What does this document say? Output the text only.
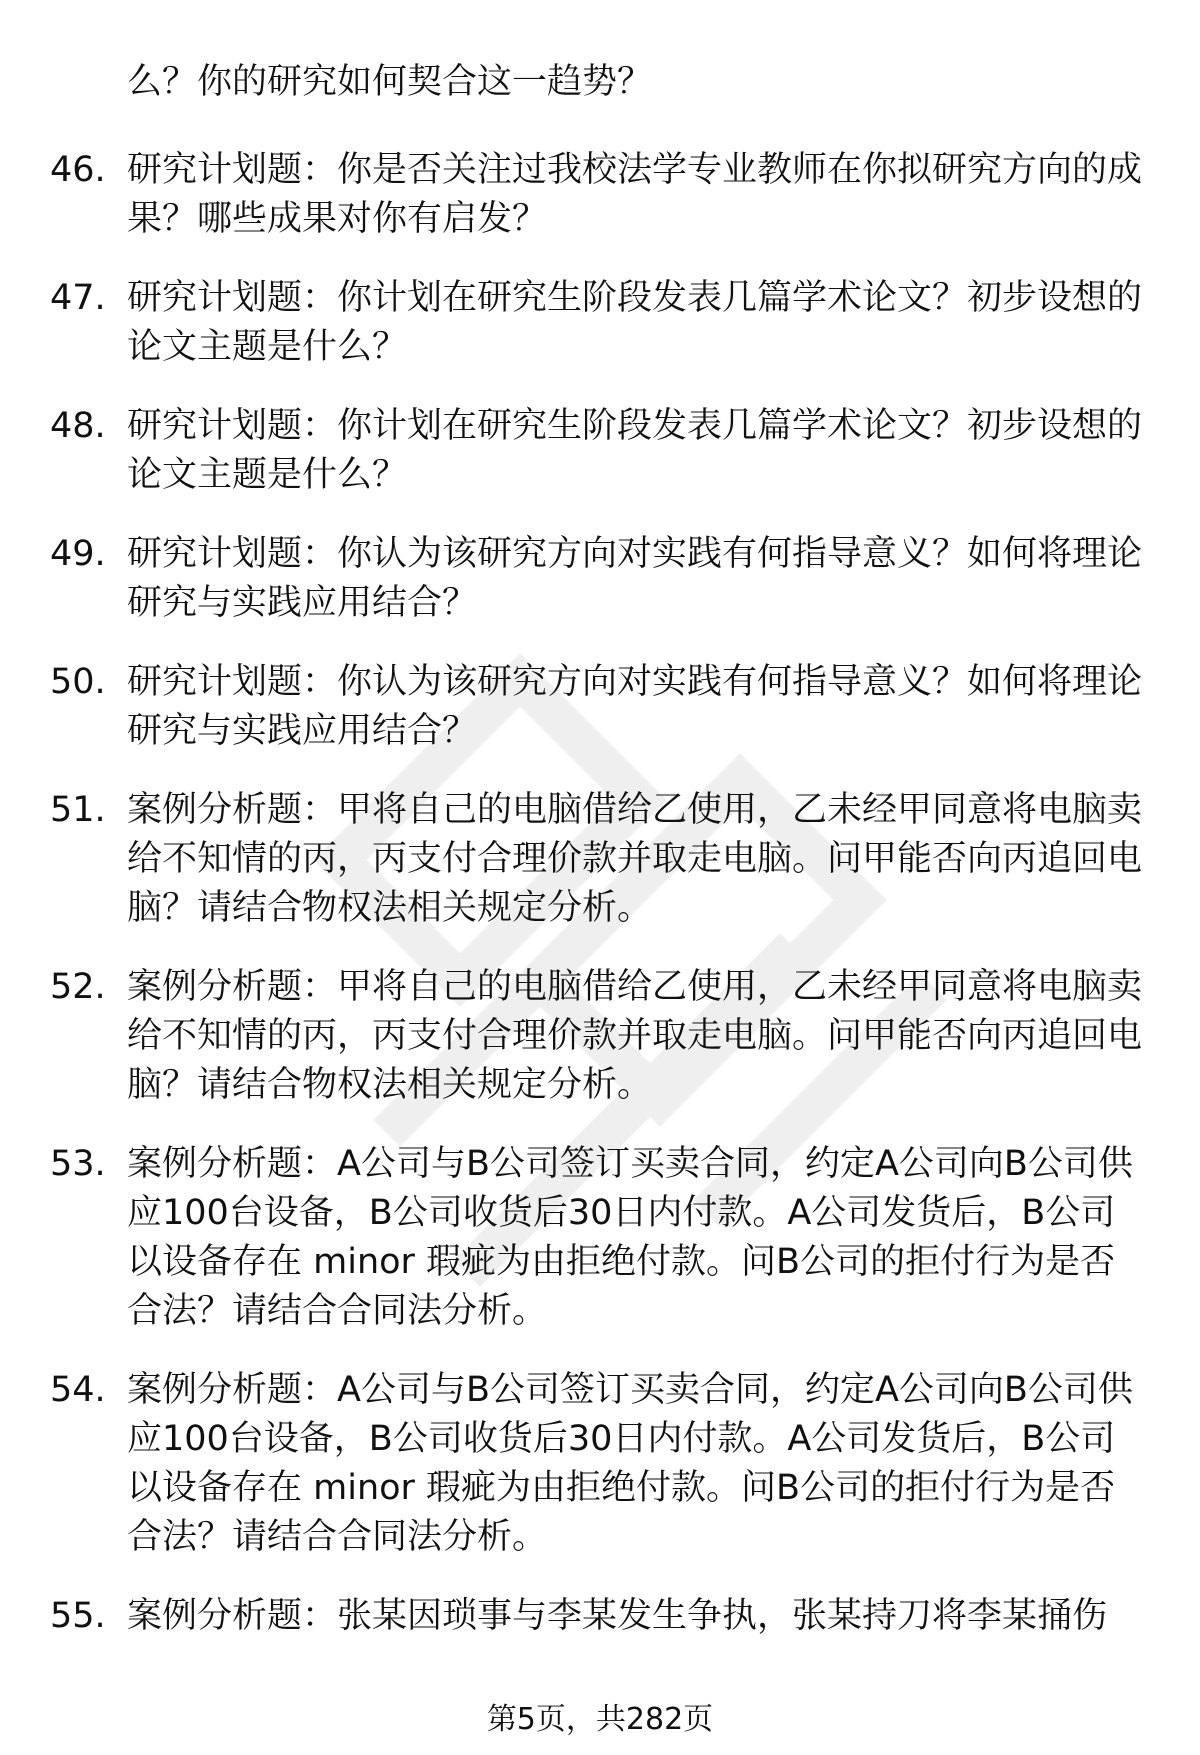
么？你的研究如何契合这一趋势？
46. 研究计划题：你是否关注过我校法学专业教师在你拟研究方向的成果？哪些成果对你有启发？
47. 研究计划题：你计划在研究生阶段发表几篇学术论文？初步设想的论文主题是什么？
48. 研究计划题：你计划在研究生阶段发表几篇学术论文？初步设想的论文主题是什么？
49. 研究计划题：你认为该研究方向对实践有何指导意义？如何将理论研究与实践应用结合？
50. 研究计划题：你认为该研究方向对实践有何指导意义？如何将理论研究与实践应用结合？
51. 案例分析题：甲将自己的电脑借给乙使用，乙未经甲同意将电脑卖给不知情的丙，丙支付合理价款并取走电脑。问甲能否向丙追回电脑？请结合物权法相关规定分析。
52. 案例分析题：甲将自己的电脑借给乙使用，乙未经甲同意将电脑卖给不知情的丙，丙支付合理价款并取走电脑。问甲能否向丙追回电脑？请结合物权法相关规定分析。
53. 案例分析题：A公司与B公司签订买卖合同，约定A公司向B公司供应100台设备，B公司收货后30日内付款。A公司发货后，B公司以设备存在 minor 瑕疵为由拒绝付款。问B公司的拒付行为是否合法？请结合合同法分析。
54. 案例分析题：A公司与B公司签订买卖合同，约定A公司向B公司供应100台设备，B公司收货后30日内付款。A公司发货后，B公司以设备存在 minor 瑕疵为由拒绝付款。问B公司的拒付行为是否合法？请结合合同法分析。
55. 案例分析题：张某因琐事与李某发生争执，张某持刀将李某捅伤
第5页，共282页
